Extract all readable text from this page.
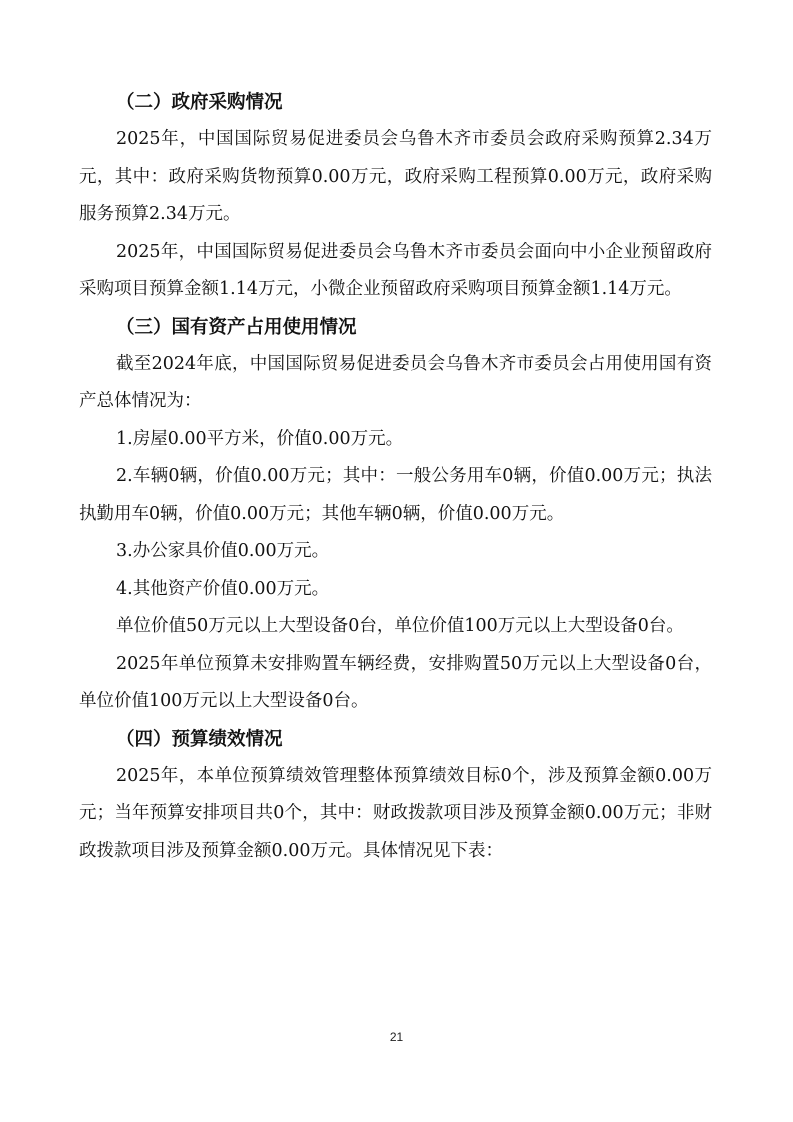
（二）政府采购情况

2025年，中国国际贸易促进委员会乌鲁木齐市委员会政府采购预算2.34万元，其中：政府采购货物预算0.00万元，政府采购工程预算0.00万元，政府采购服务预算2.34万元。

2025年，中国国际贸易促进委员会乌鲁木齐市委员会面向中小企业预留政府采购项目预算金额1.14万元，小微企业预留政府采购项目预算金额1.14万元。

（三）国有资产占用使用情况

截至2024年底，中国国际贸易促进委员会乌鲁木齐市委员会占用使用国有资产总体情况为：

1.房屋0.00平方米，价值0.00万元。

2.车辆0辆，价值0.00万元；其中：一般公务用车0辆，价值0.00万元；执法执勤用车0辆，价值0.00万元；其他车辆0辆，价值0.00万元。

3.办公家具价值0.00万元。

4.其他资产价值0.00万元。

单位价值50万元以上大型设备0台，单位价值100万元以上大型设备0台。

2025年单位预算未安排购置车辆经费，安排购置50万元以上大型设备0台，单位价值100万元以上大型设备0台。

（四）预算绩效情况

2025年，本单位预算绩效管理整体预算绩效目标0个，涉及预算金额0.00万元；当年预算安排项目共0个，其中：财政拨款项目涉及预算金额0.00万元；非财政拨款项目涉及预算金额0.00万元。具体情况见下表：

21
